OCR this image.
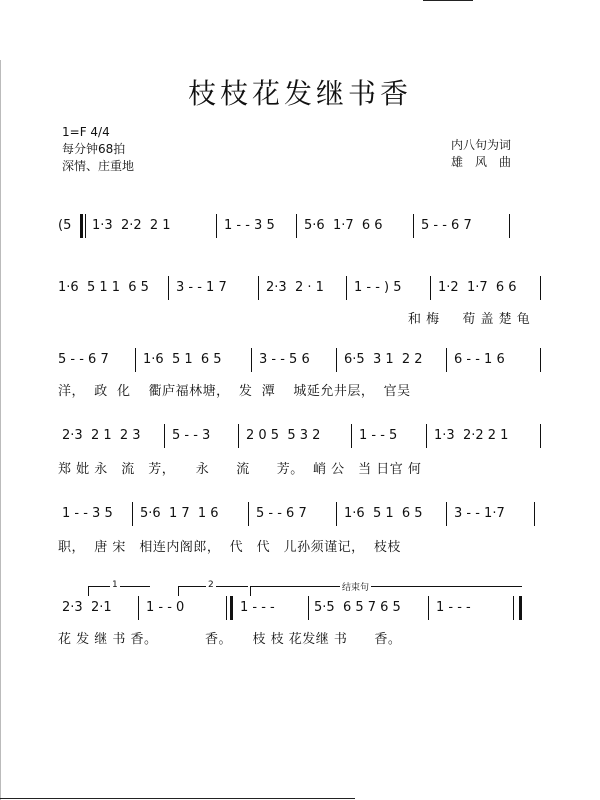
枝枝花发继书香
1=F 4/4
每分钟68拍
深情、庄重地
内八句为词
雄　风　曲
(5 1·3  2·2  2 1	1 - - 3 5 5·6  1·7  6 6	5 - - 6 7
1·6  5 1 1  6 5 3 - - 1 7	2·3  2 · 1 1 - - ) 5	1·2  1·7  6 6
和 梅　  荀 盖 楚 龟
5 - - 6 7	1·6  5 1  6 5	3 - - 5 6	6·5  3 1  2 2 6 - - 1 6
洋，  政  化　 衢庐福林塘，  发  潭　 城延允井层，  官吴
2·3  2 1  2 3 5 - - 3	2 0 5  5 3 2	1 - - 5	1·3  2·2 2 1
郑 妣 永　流　芳，　　永　　流　　芳。  峭 公　当 日官 何
1 - - 3 5 5·6  1 7  1 6	5 - - 6 7	1·6  5 1  6 5 3 - - 1·7
职，  唐 宋　相连内阁郎，  代　代　儿孙须谨记，  枝枝
1	2	结束句
2·3  2·1	1 - - 0	1 - - -	5·5  6 5 7 6 5	1 - - -
花 发 继 书 香。　　　　香。　　枝 枝 花发继 书　　香。
